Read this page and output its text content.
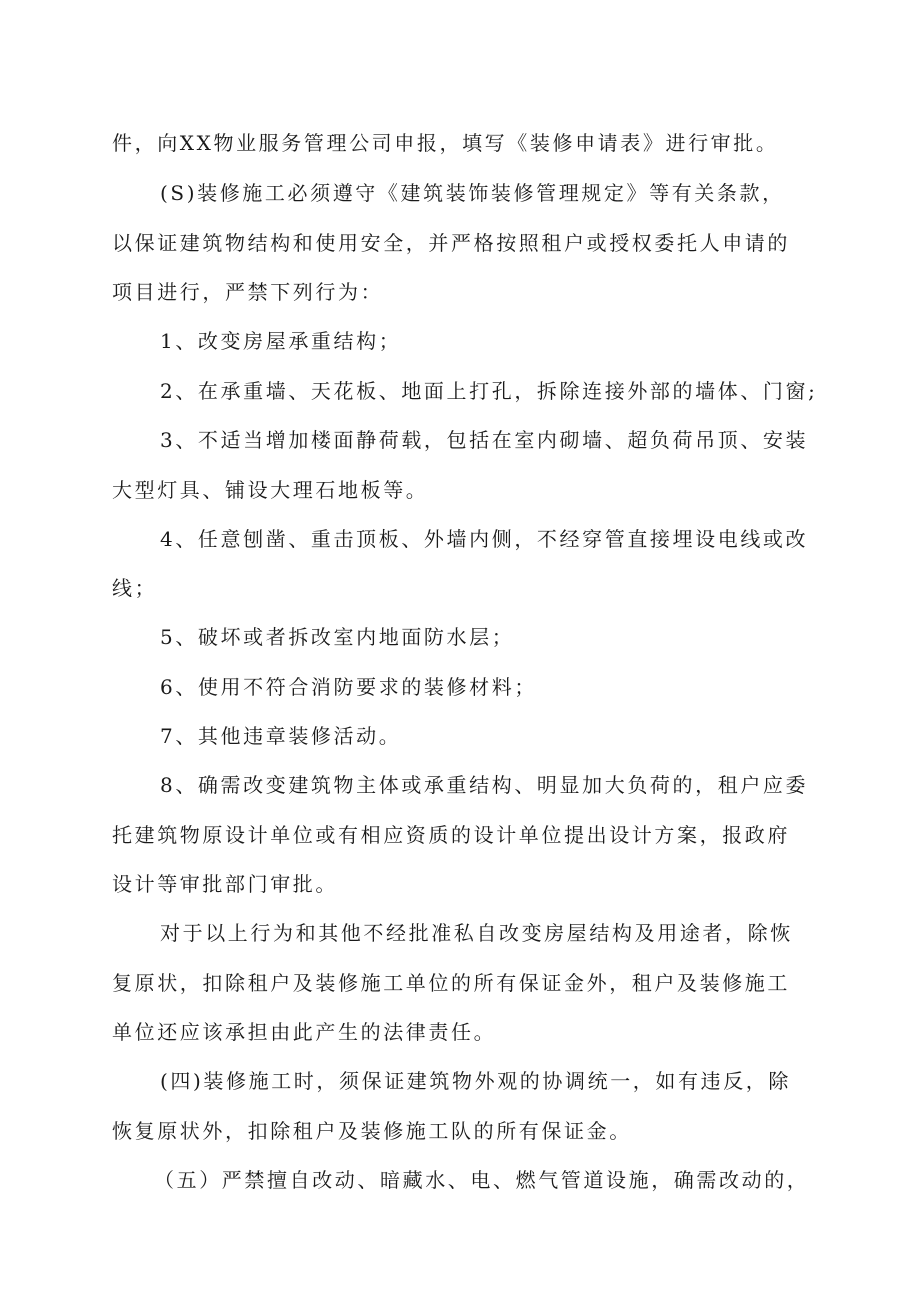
件，向XX物业服务管理公司申报，填写《装修申请表》进行审批。
(S)装修施工必须遵守《建筑装饰装修管理规定》等有关条款，
以保证建筑物结构和使用安全，并严格按照租户或授权委托人申请的
项目进行，严禁下列行为：
1、改变房屋承重结构；
2、在承重墙、天花板、地面上打孔，拆除连接外部的墙体、门窗;
3、不适当增加楼面静荷载，包括在室内砌墙、超负荷吊顶、安装
大型灯具、铺设大理石地板等。
4、任意刨凿、重击顶板、外墙内侧，不经穿管直接埋设电线或改
线；
5、破坏或者拆改室内地面防水层；
6、使用不符合消防要求的装修材料；
7、其他违章装修活动。
8、确需改变建筑物主体或承重结构、明显加大负荷的，租户应委
托建筑物原设计单位或有相应资质的设计单位提出设计方案，报政府
设计等审批部门审批。
对于以上行为和其他不经批准私自改变房屋结构及用途者，除恢
复原状，扣除租户及装修施工单位的所有保证金外，租户及装修施工
单位还应该承担由此产生的法律责任。
(四)装修施工时，须保证建筑物外观的协调统一，如有违反，除
恢复原状外，扣除租户及装修施工队的所有保证金。
（五）严禁擅自改动、暗藏水、电、燃气管道设施，确需改动的，
